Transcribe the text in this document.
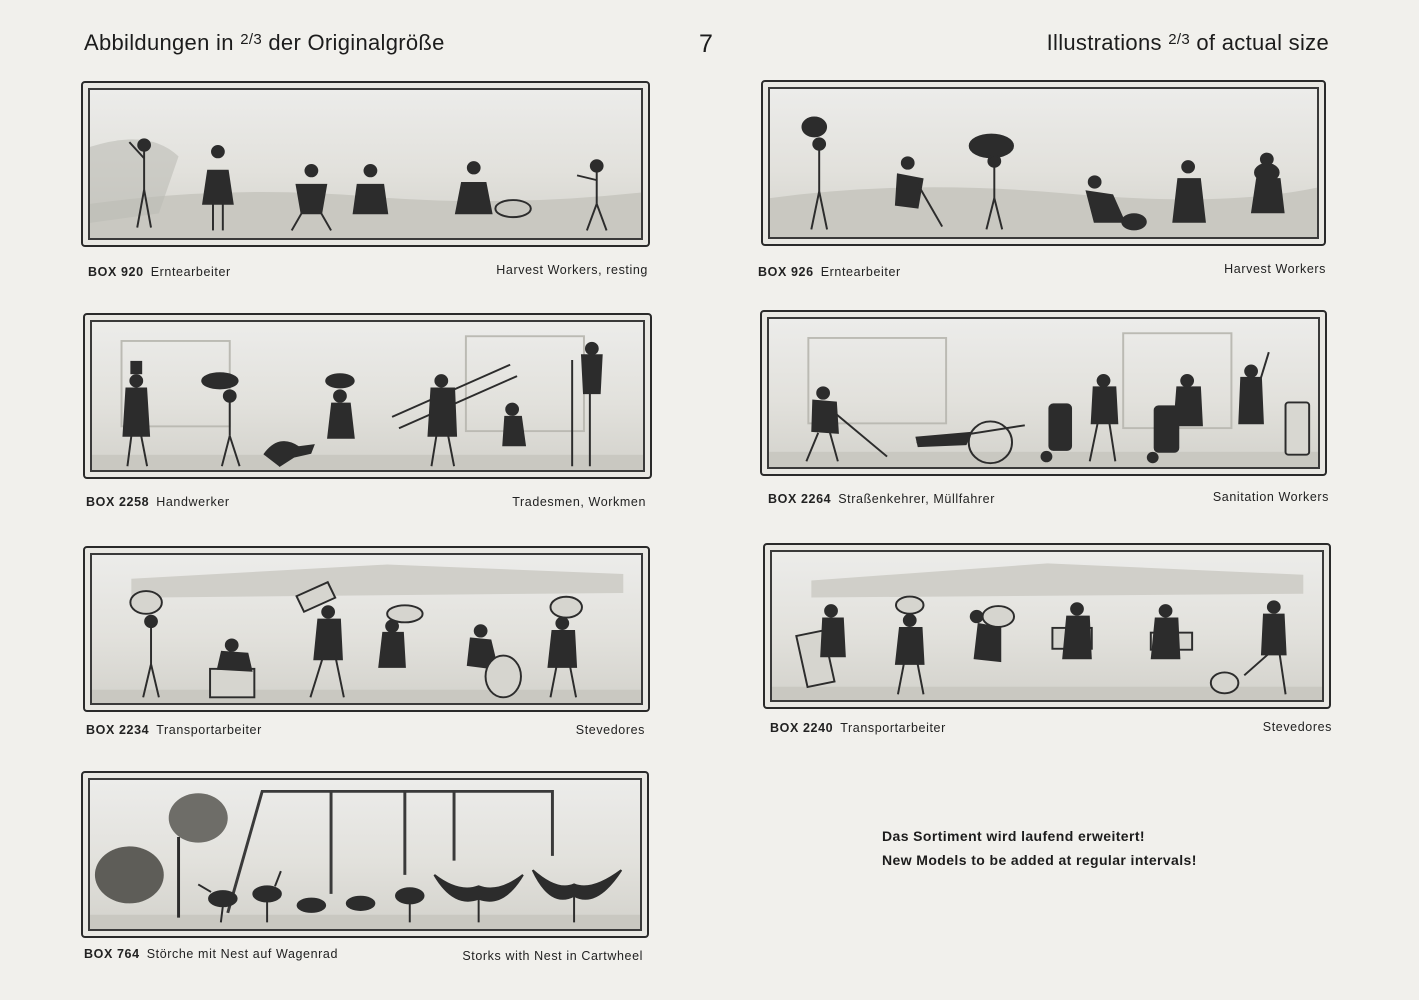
Abbildungen in $^{2/3}$ der Originalgröße	7	Illustrations $^{2/3}$ of actual size
BOX 920 Erntearbeiter	Harvest Workers, resting	BOX 926 Erntearbeiter	Harvest Workers
BOX 2258 Handwerker	Tradesmen, Workmen	BOX 2264 Straßenkehrer, Müllfahrer	Sanitation Workers
BOX 2234 Transportarbeiter	Stevedores	BOX 2240 Transportarbeiter	Stevedores
BOX 764 Störche mit Nest auf Wagenrad	Storks with Nest in Cartwheel
Das Sortiment wird laufend erweitert!
New Models to be added at regular intervals!
